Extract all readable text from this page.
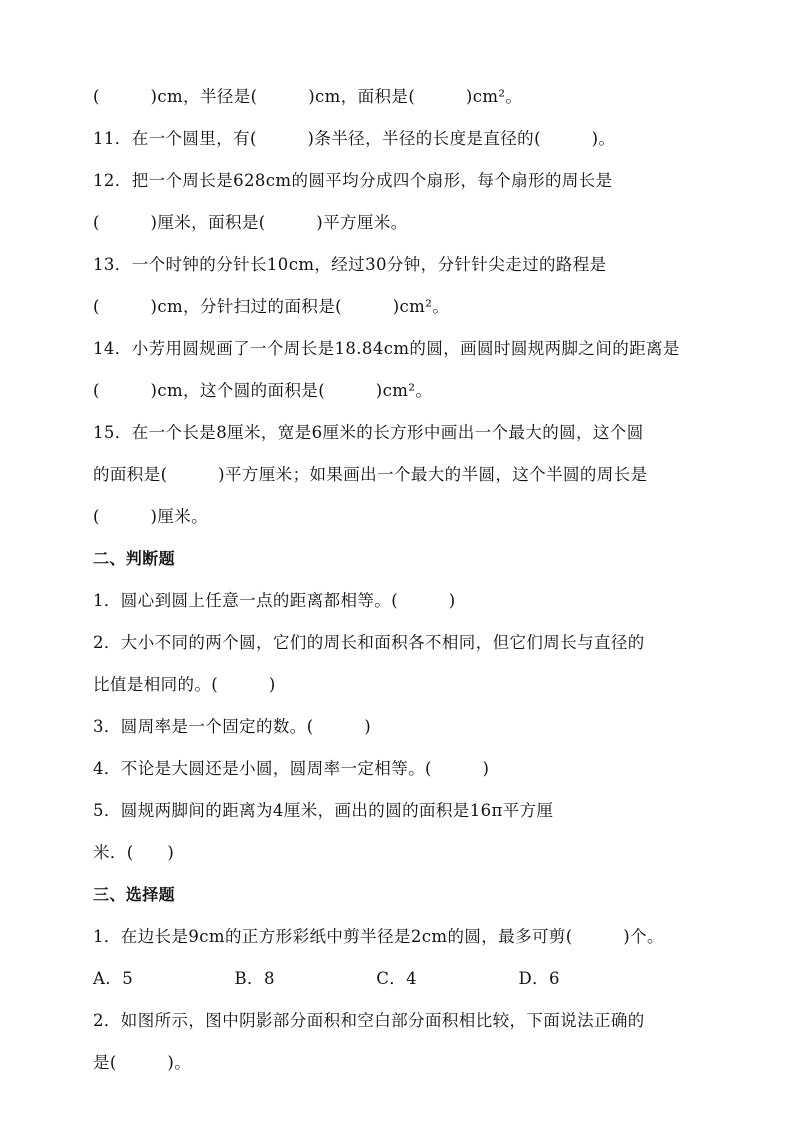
(　　　)cm，半径是(　　　)cm，面积是(　　　)cm²。
11．在一个圆里，有(　　　)条半径，半径的长度是直径的(　　　)。
12．把一个周长是628cm的圆平均分成四个扇形，每个扇形的周长是
(　　　)厘米，面积是(　　　)平方厘米。
13．一个时钟的分针长10cm，经过30分钟，分针针尖走过的路程是
(　　　)cm，分针扫过的面积是(　　　)cm²。
14．小芳用圆规画了一个周长是18.84cm的圆，画圆时圆规两脚之间的距离是
(　　　)cm，这个圆的面积是(　　　)cm²。
15．在一个长是8厘米，宽是6厘米的长方形中画出一个最大的圆，这个圆
的面积是(　　　)平方厘米；如果画出一个最大的半圆，这个半圆的周长是
(　　　)厘米。
二、判断题
1．圆心到圆上任意一点的距离都相等。(　　　)
2．大小不同的两个圆，它们的周长和面积各不相同，但它们周长与直径的
比值是相同的。(　　　)
3．圆周率是一个固定的数。(　　　)
4．不论是大圆还是小圆，圆周率一定相等。(　　　)
5．圆规两脚间的距离为4厘米，画出的圆的面积是16π平方厘
米．(　　)
三、选择题
1．在边长是9cm的正方形彩纸中剪半径是2cm的圆，最多可剪(　　　)个。
A．5　　　　　　B．8　　　　　　C．4　　　　　　D．6
2．如图所示，图中阴影部分面积和空白部分面积相比较，下面说法正确的
是(　　　)。
